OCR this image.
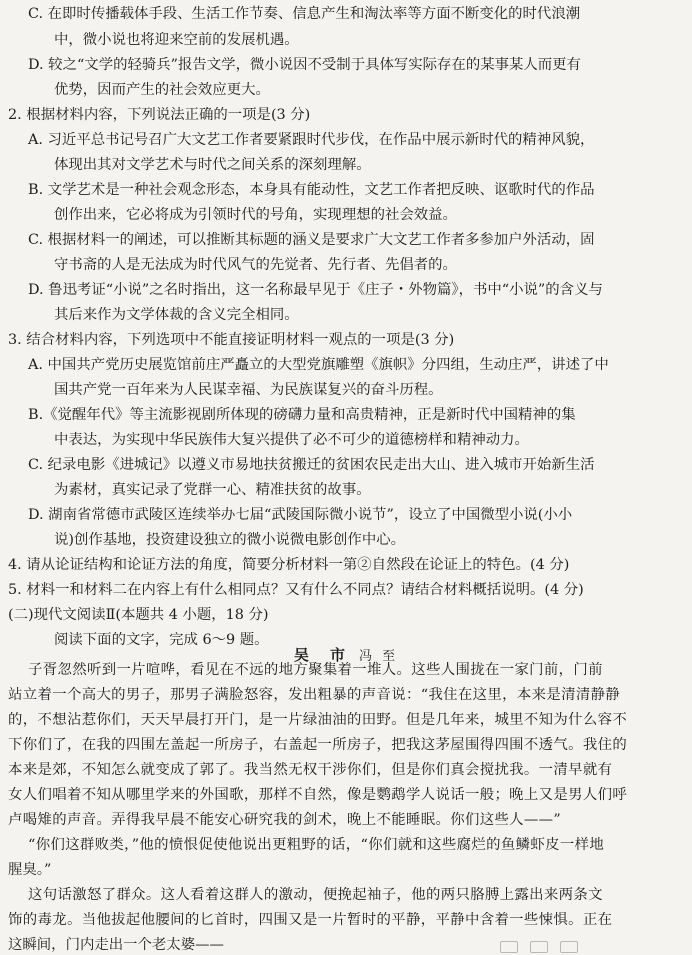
C. 在即时传播载体手段、生活工作节奏、信息产生和淘汰率等方面不断变化的时代浪潮
中，微小说也将迎来空前的发展机遇。
D. 较之“文学的轻骑兵”报告文学，微小说因不受制于具体写实际存在的某事某人而更有
优势，因而产生的社会效应更大。
2. 根据材料内容，下列说法正确的一项是(3 分)
A. 习近平总书记号召广大文艺工作者要紧跟时代步伐，在作品中展示新时代的精神风貌，
体现出其对文学艺术与时代之间关系的深刻理解。
B. 文学艺术是一种社会观念形态，本身具有能动性，文艺工作者把反映、讴歌时代的作品
创作出来，它必将成为引领时代的号角，实现理想的社会效益。
C. 根据材料一的阐述，可以推断其标题的涵义是要求广大文艺工作者多参加户外活动，固
守书斋的人是无法成为时代风气的先觉者、先行者、先倡者的。
D. 鲁迅考证“小说”之名时指出，这一名称最早见于《庄子・外物篇》，书中“小说”的含义与
其后来作为文学体裁的含义完全相同。
3. 结合材料内容，下列选项中不能直接证明材料一观点的一项是(3 分)
A. 中国共产党历史展览馆前庄严矗立的大型党旗雕塑《旗帜》分四组，生动庄严，讲述了中
国共产党一百年来为人民谋幸福、为民族谋复兴的奋斗历程。
B.《觉醒年代》等主流影视剧所体现的磅礴力量和高贵精神，正是新时代中国精神的集
中表达，为实现中华民族伟大复兴提供了必不可少的道德榜样和精神动力。
C. 纪录电影《进城记》以遵义市易地扶贫搬迁的贫困农民走出大山、进入城市开始新生活
为素材，真实记录了党群一心、精准扶贫的故事。
D. 湖南省常德市武陵区连续举办七届“武陵国际微小说节”，设立了中国微型小说(小小
说)创作基地，投资建设独立的微小说微电影创作中心。
4. 请从论证结构和论证方法的角度，简要分析材料一第②自然段在论证上的特色。(4 分)
5. 材料一和材料二在内容上有什么相同点？又有什么不同点？请结合材料概括说明。(4 分)
(二)现代文阅读Ⅱ(本题共 4 小题，18 分)
阅读下面的文字，完成 6～9 题。
吴 市 冯 至
子胥忽然听到一片喧哗，看见在不远的地方聚集着一堆人。这些人围拢在一家门前，门前
站立着一个高大的男子，那男子满脸怒容，发出粗暴的声音说：“我住在这里，本来是清清静静
的，不想沾惹你们，天天早晨打开门，是一片绿油油的田野。但是几年来，城里不知为什么容不
下你们了，在我的四围左盖起一所房子，右盖起一所房子，把我这茅屋围得四围不透气。我住的
本来是郊，不知怎么就变成了郭了。我当然无权干涉你们，但是你们真会搅扰我。一清早就有
女人们唱着不知从哪里学来的外国歌，那样不自然，像是鹦鹉学人说话一般；晚上又是男人们呼
卢喝雉的声音。弄得我早晨不能安心研究我的剑术，晚上不能睡眠。你们这些人——”
“你们这群败类，”他的愤恨促使他说出更粗野的话，“你们就和这些腐烂的鱼鳞虾皮一样地
腥臭。”
这句话激怒了群众。这人看着这群人的激动，便挽起袖子，他的两只胳膊上露出来两条文
饰的毒龙。当他拔起他腰间的匕首时，四围又是一片暂时的平静，平静中含着一些悚惧。正在
这瞬间，门内走出一个老太婆——
